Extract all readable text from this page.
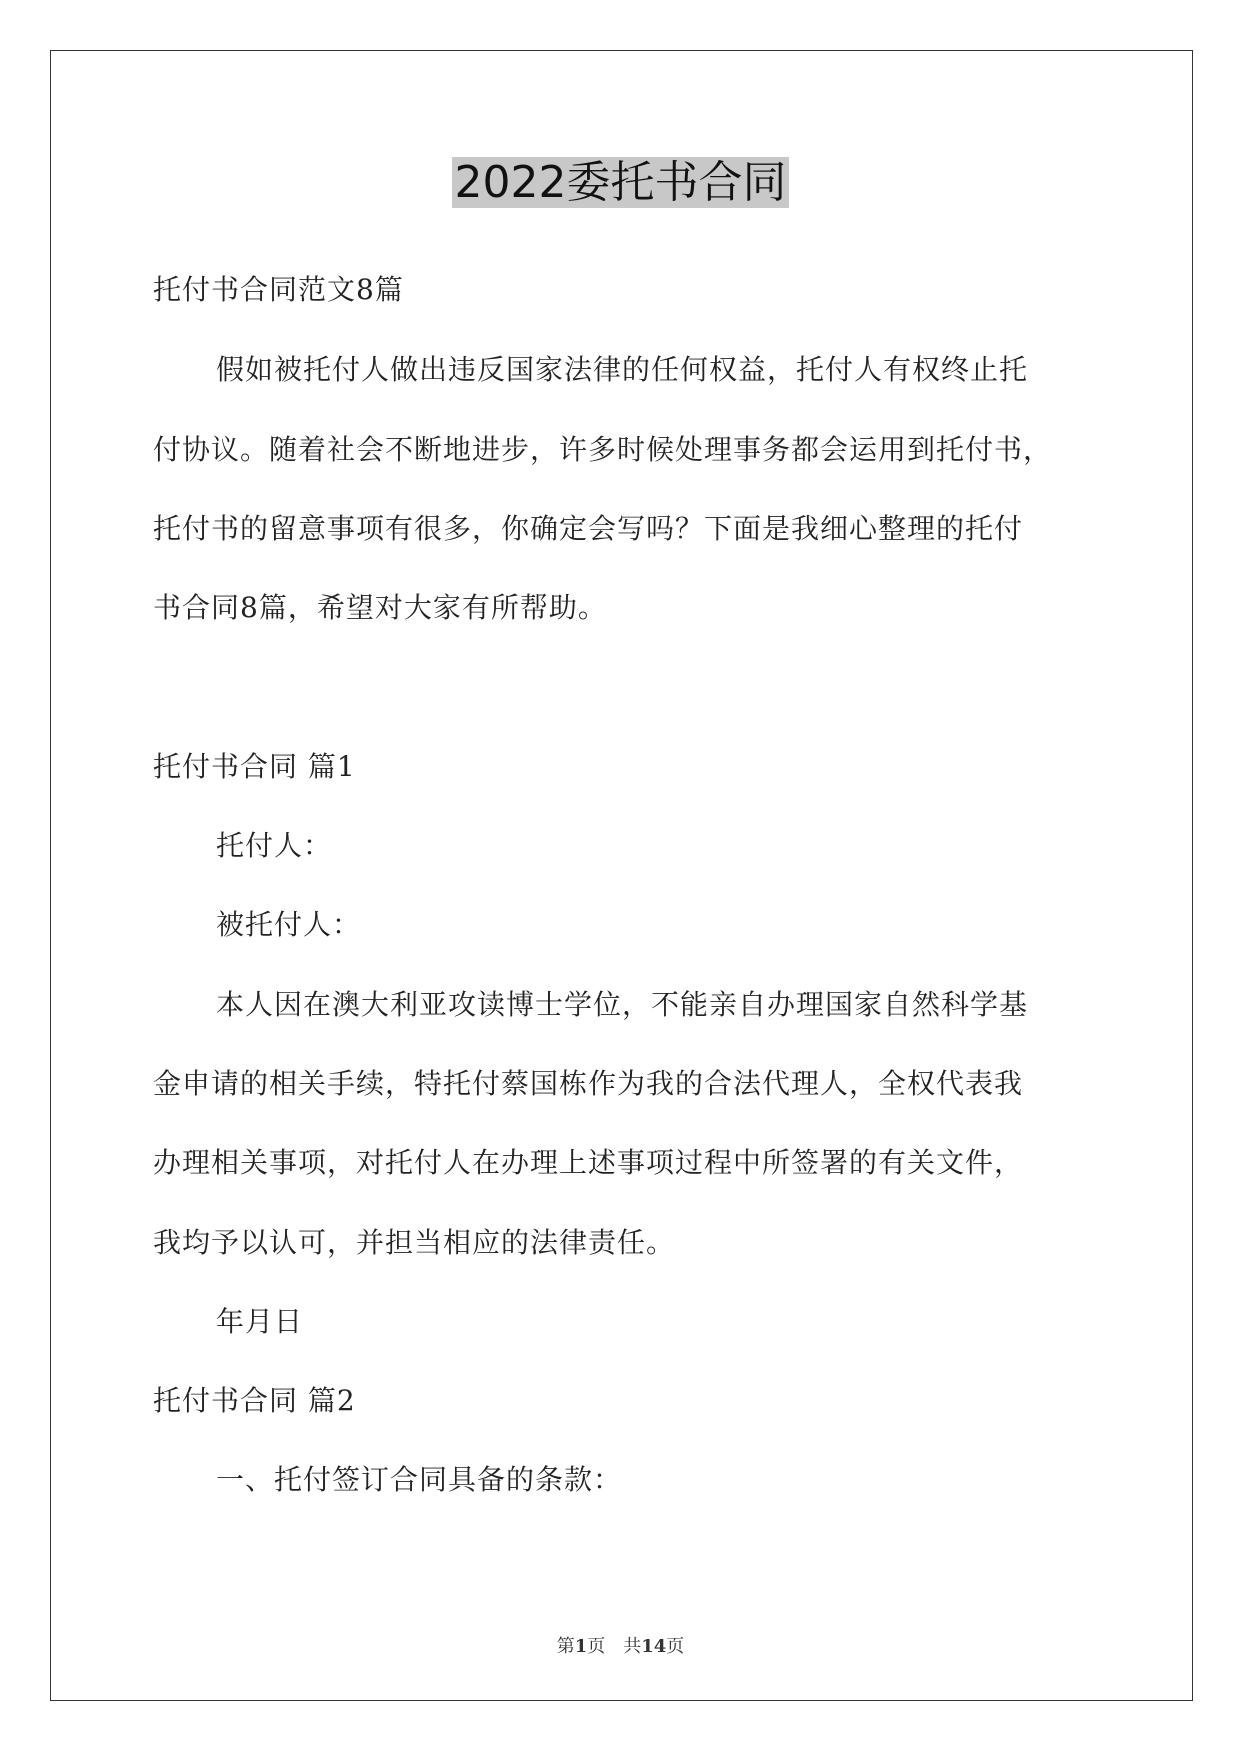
2022委托书合同
托付书合同范文8篇
假如被托付人做出违反国家法律的任何权益，托付人有权终止托
付协议。随着社会不断地进步，许多时候处理事务都会运用到托付书，
托付书的留意事项有很多，你确定会写吗？下面是我细心整理的托付
书合同8篇，希望对大家有所帮助。
托付书合同 篇1
托付人：
被托付人：
本人因在澳大利亚攻读博士学位，不能亲自办理国家自然科学基
金申请的相关手续，特托付蔡国栋作为我的合法代理人，全权代表我
办理相关事项，对托付人在办理上述事项过程中所签署的有关文件，
我均予以认可，并担当相应的法律责任。
年月日
托付书合同 篇2
一、托付签订合同具备的条款：
第1页　共14页
